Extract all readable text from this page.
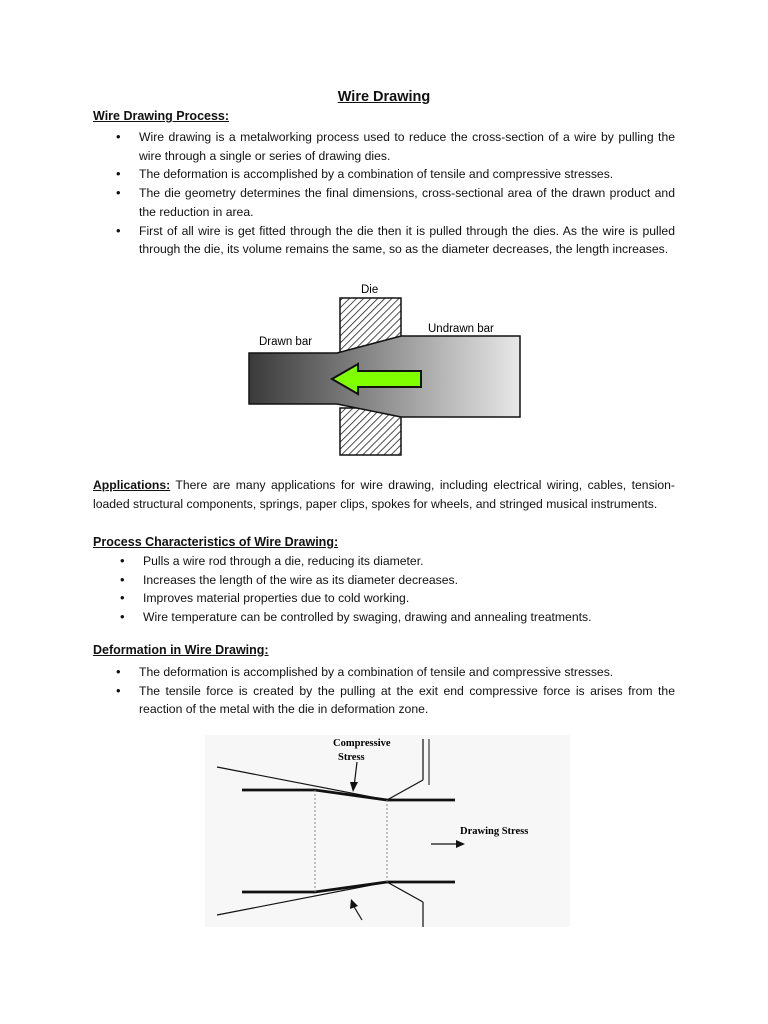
Wire Drawing
Wire Drawing Process:
• Wire drawing is a metalworking process used to reduce the cross-section of a wire by pulling the wire through a single or series of drawing dies.
• The deformation is accomplished by a combination of tensile and compressive stresses.
• The die geometry determines the final dimensions, cross-sectional area of the drawn product and the reduction in area.
• First of all wire is get fitted through the die then it is pulled through the dies. As the wire is pulled through the die, its volume remains the same, so as the diameter decreases, the length increases.
Die
Undrawn bar
Drawn bar
Applications: There are many applications for wire drawing, including electrical wiring, cables, tension-loaded structural components, springs, paper clips, spokes for wheels, and stringed musical instruments.
Process Characteristics of Wire Drawing:
• Pulls a wire rod through a die, reducing its diameter.
• Increases the length of the wire as its diameter decreases.
• Improves material properties due to cold working.
• Wire temperature can be controlled by swaging, drawing and annealing treatments.
Deformation in Wire Drawing:
• The deformation is accomplished by a combination of tensile and compressive stresses.
• The tensile force is created by the pulling at the exit end compressive force is arises from the reaction of the metal with the die in deformation zone.
Compressive
Stress
Drawing Stress
